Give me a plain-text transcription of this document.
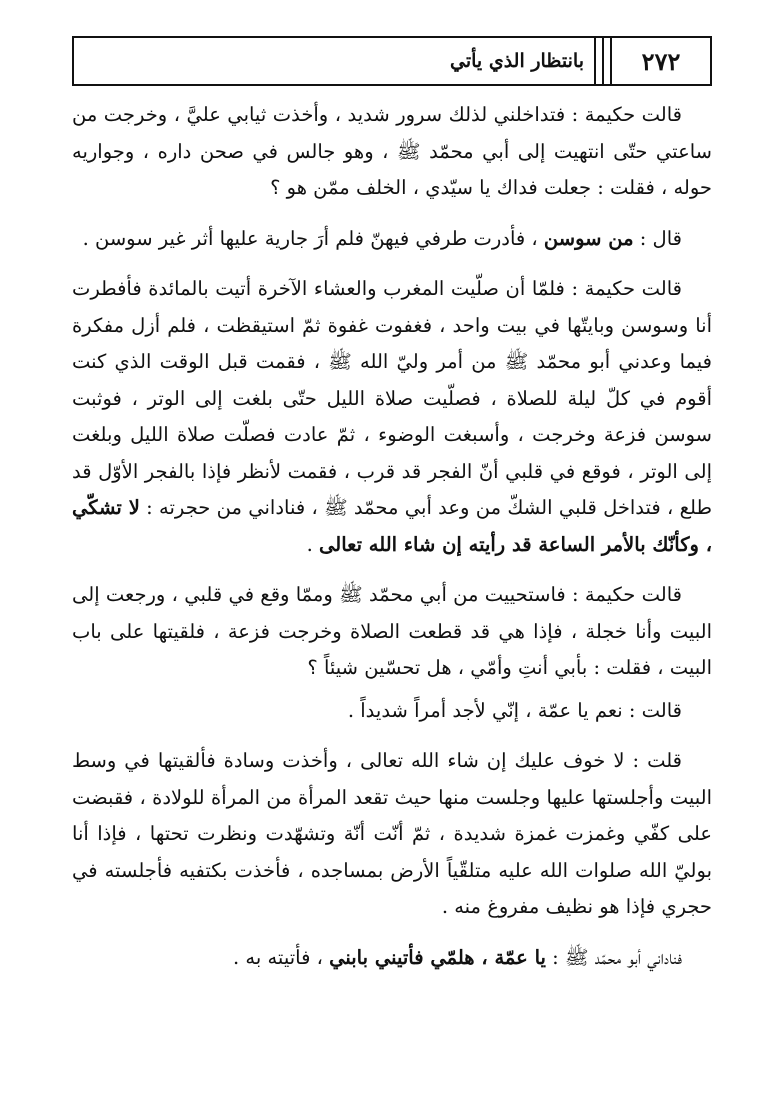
٢٧٢
بانتظار الذي يأتي

قالت حكيمة : فتداخلني لذلك سرور شديد ، وأخذت ثيابي عليَّ ، وخرجت من ساعتي حتّى انتهيت إلى أبي محمّد ﷺ ، وهو جالس في صحن داره ، وجواريه حوله ، فقلت : جعلت فداك يا سيّدي ، الخلف ممّن هو ؟

قال : من سوسن ، فأدرت طرفي فيهنّ فلم أرَ جارية عليها أثر غير سوسن .

قالت حكيمة : فلمّا أن صلّيت المغرب والعشاء الآخرة أتيت بالمائدة فأفطرت أنا وسوسن وبايتّها في بيت واحد ، فغفوت غفوة ثمّ استيقظت ، فلم أزل مفكرة فيما وعدني أبو محمّد ﷺ من أمر وليّ الله ﷺ ، فقمت قبل الوقت الذي كنت أقوم في كلّ ليلة للصلاة ، فصلّيت صلاة الليل حتّى بلغت إلى الوتر ، فوثبت سوسن فزعة وخرجت ، وأسبغت الوضوء ، ثمّ عادت فصلّت صلاة الليل وبلغت إلى الوتر ، فوقع في قلبي أنّ الفجر قد قرب ، فقمت لأنظر فإذا بالفجر الأوّل قد طلع ، فتداخل قلبي الشكّ من وعد أبي محمّد ﷺ ، فناداني من حجرته : لا تشكّي ، وكأنّك بالأمر الساعة قد رأيته إن شاء الله تعالى .

قالت حكيمة : فاستحييت من أبي محمّد ﷺ وممّا وقع في قلبي ، ورجعت إلى البيت وأنا خجلة ، فإذا هي قد قطعت الصلاة وخرجت فزعة ، فلقيتها على باب البيت ، فقلت : بأبي أنتِ وأمّي ، هل تحسّين شيئاً ؟

قالت : نعم يا عمّة ، إنّي لأجد أمراً شديداً .

قلت : لا خوف عليك إن شاء الله تعالى ، وأخذت وسادة فألقيتها في وسط البيت وأجلستها عليها وجلست منها حيث تقعد المرأة من المرأة للولادة ، فقبضت على كفّي وغمزت غمزة شديدة ، ثمّ أنّت أنّة وتشهّدت ونظرت تحتها ، فإذا أنا بوليّ الله صلوات الله عليه متلقّياً الأرض بمساجده ، فأخذت بكتفيه فأجلسته في حجري فإذا هو نظيف مفروغ منه .

فناداني أبو محمّد ﷺ : يا عمّة ، هلمّي فأتيني بابني ، فأتيته به .
